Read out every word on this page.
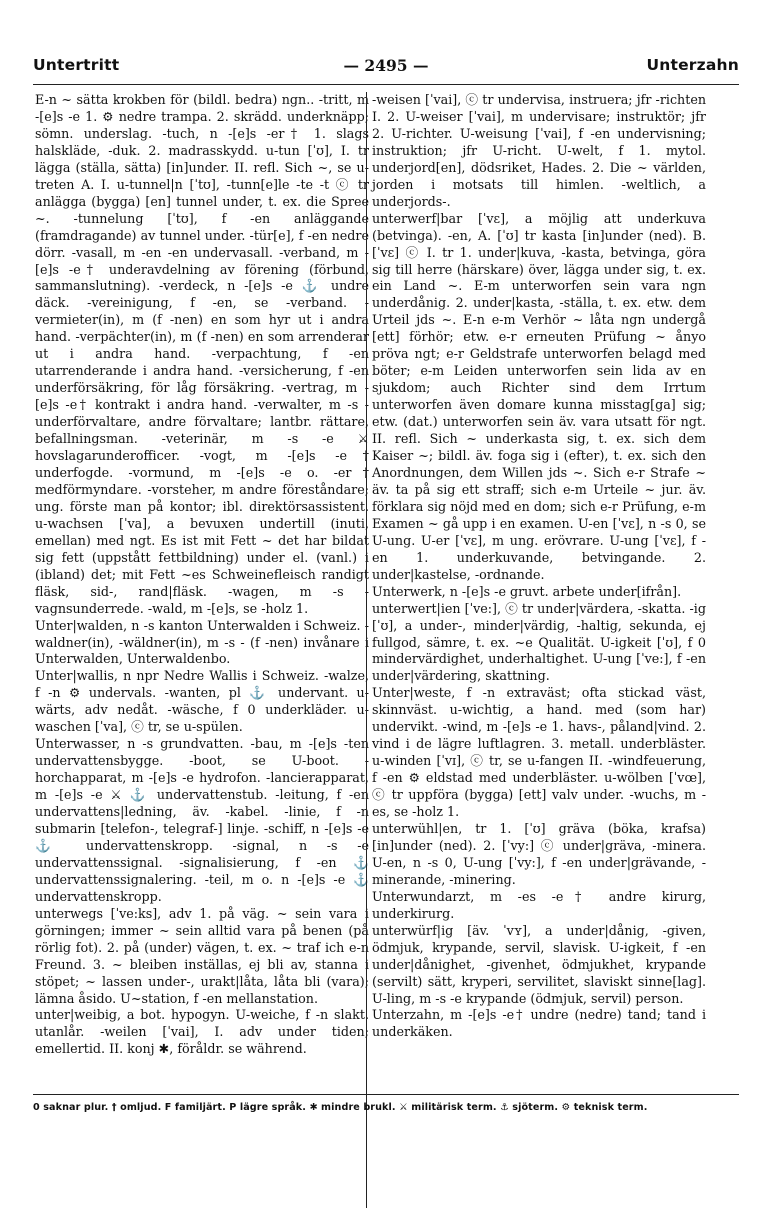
— 2495 —
Untertritt	Unterzahn

E-n ~ sätta krokben för (bildl. bedra) ngn.. -tritt, m -[e]s -e 1. ⚙ nedre trampa. 2. skrädd. underknäpp; sömn. underslag. -tuch, n -[e]s -er† 1. slags halskläde, -duk. 2. madrasskydd. u-tun [ˈʊ], I. tr lägga (ställa, sätta) [in]under. II. refl. Sich ~, se u-treten A. I. u-tunnel|n [ˈtʊ], -tunn[e]le -te -t ⓒ tr anlägga (bygga) [en] tunnel under, t. ex. die Spree ~. -tunnelung [ˈtʊ], f -en anläggande (framdragande) av tunnel under. -tür[e], f -en nedre dörr. -vasall, m -en -en undervasall. -verband, m -[e]s -e† underavdelning av förening (förbund, sammanslutning). -verdeck, n -[e]s -e ⚓ undre däck. -vereinigung, f -en, se -verband. -vermieter(in), m (f -nen) en som hyr ut i andra hand. -verpächter(in), m (f -nen) en som arrenderar ut i andra hand. -verpachtung, f -en utarrenderande i andra hand. -versicherung, f -en underförsäkring, för låg försäkring. -vertrag, m -[e]s -e† kontrakt i andra hand. -verwalter, m -s - underförvaltare, andre förvaltare; lantbr. rättare, befallningsman. -veterinär, m -s -e ⚔ hovslagarunderofficer. -vogt, m -[e]s -e† underfogde. -vormund, m -[e]s -e o. -er† medförmyndare. -vorsteher, m andre föreståndare; ung. förste man på kontor; ibl. direktörsassistent. u-wachsen [ˈva], a bevuxen undertill (inuti, emellan) med ngt. Es ist mit Fett ~ det har bildat sig fett (uppstått fettbildning) under el. (vanl.) i (ibland) det; mit Fett ~es Schweinefleisch randigt fläsk, sid-, rand|fläsk. -wagen, m -s - vagnsunderrede. -wald, m -[e]s, se -holz 1.

Unter|walden, n -s kanton Unterwalden i Schweiz. -waldner(in), -wäldner(in), m -s - (f -nen) invånare i Unterwalden, Unterwaldenbo.

Unter|wallis, n npr Nedre Wallis i Schweiz. -walze, f -n ⚙ undervals. -wanten, pl ⚓ undervant. u-wärts, adv nedåt. -wäsche, f 0 underkläder. u-waschen [ˈva], ⓒ tr, se u-spülen.

Unterwasser, n -s grundvatten. -bau, m -[e]s -ten undervattensbygge. -boot, se U-boot. -horchapparat, m -[e]s -e hydrofon. -lancierapparat, m -[e]s -e ⚔ ⚓ undervattenstub. -leitung, f -en undervattens|ledning, äv. -kabel. -linie, f -n submarin [telefon-, telegraf-] linje. -schiff, n -[e]s -e ⚓ undervattenskropp. -signal, n -s -e undervattenssignal. -signalisierung, f -en ⚓ undervattenssignalering. -teil, m o. n -[e]s -e ⚓ undervattenskropp.

unterwegs [ˈve:ks], adv 1. på väg. ~ sein vara i görningen; immer ~ sein alltid vara på benen (på rörlig fot). 2. på (under) vägen, t. ex. ~ traf ich e-n Freund. 3. ~ bleiben inställas, ej bli av, stanna i stöpet; ~ lassen under-, urakt|låta, låta bli (vara); lämna åsido. U~station, f -en mellanstation.

unter|weibig, a bot. hypogyn. U-weiche, f -n slakt. utanlår. -weilen [ˈvai], I. adv under tiden; emellertid. II. konj ✱, föråldr. se während.

-weisen [ˈvai], ⓒ tr undervisa, instruera; jfr -richten I. 2. U-weiser [ˈvai], m undervisare; instruktör; jfr 2. U-richter. U-weisung [ˈvai], f -en undervisning; instruktion; jfr U-richt. U-welt, f 1. mytol. underjord[en], dödsriket, Hades. 2. Die ~ världen, jorden i motsats till himlen. -weltlich, a underjords-.

unterwerf|bar [ˈvɛ], a möjlig att underkuva (betvinga). -en, A. [ˈʊ] tr kasta [in]under (ned). B. [ˈvɛ] ⓒ I. tr 1. under|kuva, -kasta, betvinga, göra sig till herre (härskare) över, lägga under sig, t. ex. ein Land ~. E-m unterworfen sein vara ngn underdånig. 2. under|kasta, -ställa, t. ex. etw. dem Urteil jds ~. E-n e-m Verhör ~ låta ngn undergå [ett] förhör; etw. e-r erneuten Prüfung ~ ånyo pröva ngt; e-r Geldstrafe unterworfen belagd med böter; e-m Leiden unterworfen sein lida av en sjukdom; auch Richter sind dem Irrtum unterworfen även domare kunna misstag[ga] sig; etw. (dat.) unterworfen sein äv. vara utsatt för ngt. II. refl. Sich ~ underkasta sig, t. ex. sich dem Kaiser ~; bildl. äv. foga sig i (efter), t. ex. sich den Anordnungen, dem Willen jds ~. Sich e-r Strafe ~ äv. ta på sig ett straff; sich e-m Urteile ~ jur. äv. förklara sig nöjd med en dom; sich e-r Prüfung, e-m Examen ~ gå upp i en examen. U-en [ˈvɛ], n -s 0, se U-ung. U-er [ˈvɛ], m ung. erövrare. U-ung [ˈvɛ], f -en 1. underkuvande, betvingande. 2. under|kastelse, -ordnande.

Unterwerk, n -[e]s -e gruvt. arbete under[ifrån].

unterwert|ien [ˈve:], ⓒ tr under|värdera, -skatta. -ig [ˈʊ], a under-, minder|värdig, -haltig, sekunda, ej fullgod, sämre, t. ex. ~e Qualität. U-igkeit [ˈʊ], f 0 mindervärdighet, underhaltighet. U-ung [ˈve:], f -en under|värdering, skattning.

Unter|weste, f -n extraväst; ofta stickad väst, skinnväst. u-wichtig, a hand. med (som har) undervikt. -wind, m -[e]s -e 1. havs-, påland|vind. 2. vind i de lägre luftlagren. 3. metall. underbläster. u-winden [ˈvɪ], ⓒ tr, se u-fangen II. -windfeuerung, f -en ⚙ eldstad med underbläster. u-wölben [ˈvœ], ⓒ tr uppföra (bygga) [ett] valv under. -wuchs, m -es, se -holz 1.

unterwühl|en, tr 1. [ˈʊ] gräva (böka, krafsa) [in]under (ned). 2. [ˈvy:] ⓒ under|gräva, -minera. U-en, n -s 0, U-ung [ˈvy:], f -en under|grävande, -minerande, -minering.

Unterwundarzt, m -es -e† andre kirurg, underkirurg.

unterwürf|ig [äv. ˈvʏ], a under|dånig, -given, ödmjuk, krypande, servil, slavisk. U-igkeit, f -en under|dånighet, -givenhet, ödmjukhet, krypande (servilt) sätt, kryperi, servilitet, slaviskt sinne[lag]. U-ling, m -s -e krypande (ödmjuk, servil) person.

Unterzahn, m -[e]s -e† undre (nedre) tand; tand i underkäken.

0 saknar plur. † omljud. F familjärt. P lägre språk. ✱ mindre brukl. ⚔ militärisk term. ⚓ sjöterm. ⚙ teknisk term.
